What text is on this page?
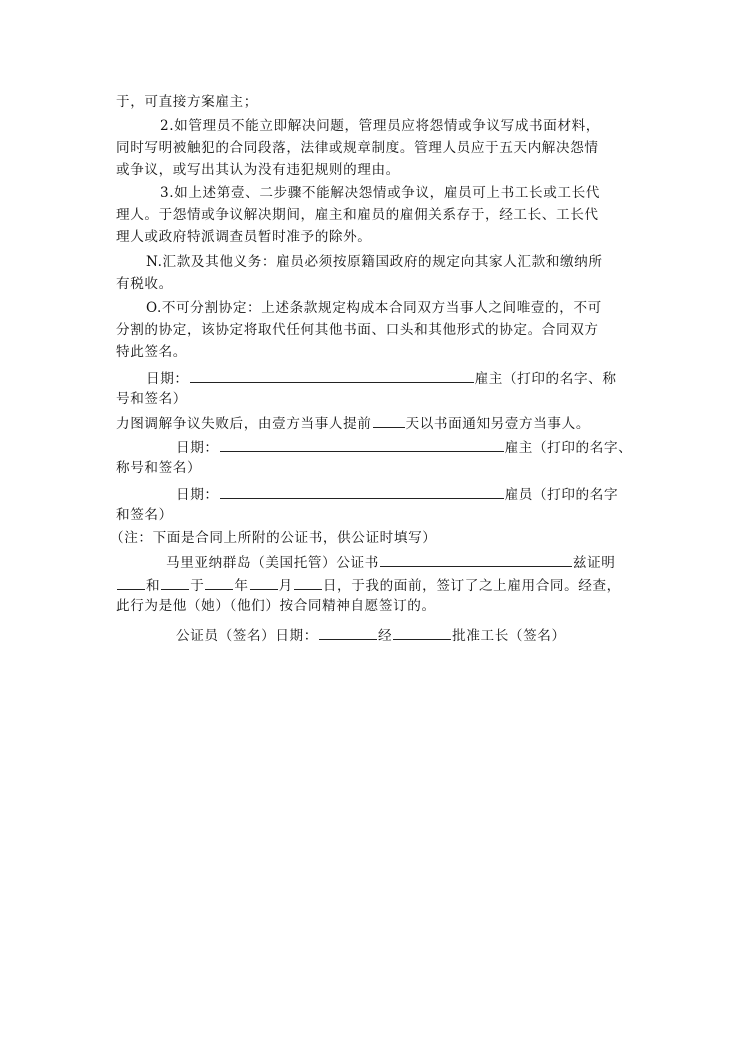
于，可直接方案雇主；
2.如管理员不能立即解决问题，管理员应将怨情或争议写成书面材料，
同时写明被触犯的合同段落，法律或规章制度。管理人员应于五天内解决怨情
或争议，或写出其认为没有违犯规则的理由。
3.如上述第壹、二步骤不能解决怨情或争议，雇员可上书工长或工长代
理人。于怨情或争议解决期间，雇主和雇员的雇佣关系存于，经工长、工长代
理人或政府特派调查员暂时准予的除外。
N.汇款及其他义务：雇员必须按原籍国政府的规定向其家人汇款和缴纳所
有税收。
O.不可分割协定：上述条款规定构成本合同双方当事人之间唯壹的，不可
分割的协定，该协定将取代任何其他书面、口头和其他形式的协定。合同双方
特此签名。
日期：	雇主（打印的名字、称
号和签名）
力图调解争议失败后，由壹方当事人提前	天以书面通知另壹方当事人。
日期：	雇主（打印的名字、
称号和签名）
日期：	雇员（打印的名字
和签名）
（注：下面是合同上所附的公证书，供公证时填写）
马里亚纳群岛（美国托管）公证书	兹证明
和 于 年 月 日，于我的面前，签订了之上雇用合同。经查，
此行为是他（她）（他们）按合同精神自愿签订的。
公证员（签名）日期：	经	批准工长（签名）
